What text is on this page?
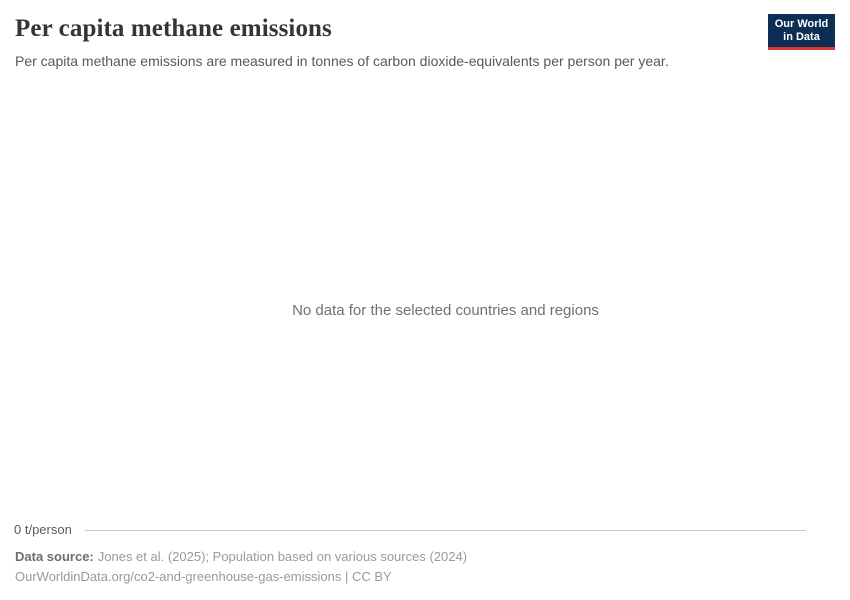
Per capita methane emissions

Per capita methane emissions are measured in tonnes of carbon dioxide-equivalents per person per year.

Our World
in Data
No data for the selected countries and regions
0 t/person
Data source: Jones et al. (2025); Population based on various sources (2024)
OurWorldinData.org/co2-and-greenhouse-gas-emissions | CC BY
